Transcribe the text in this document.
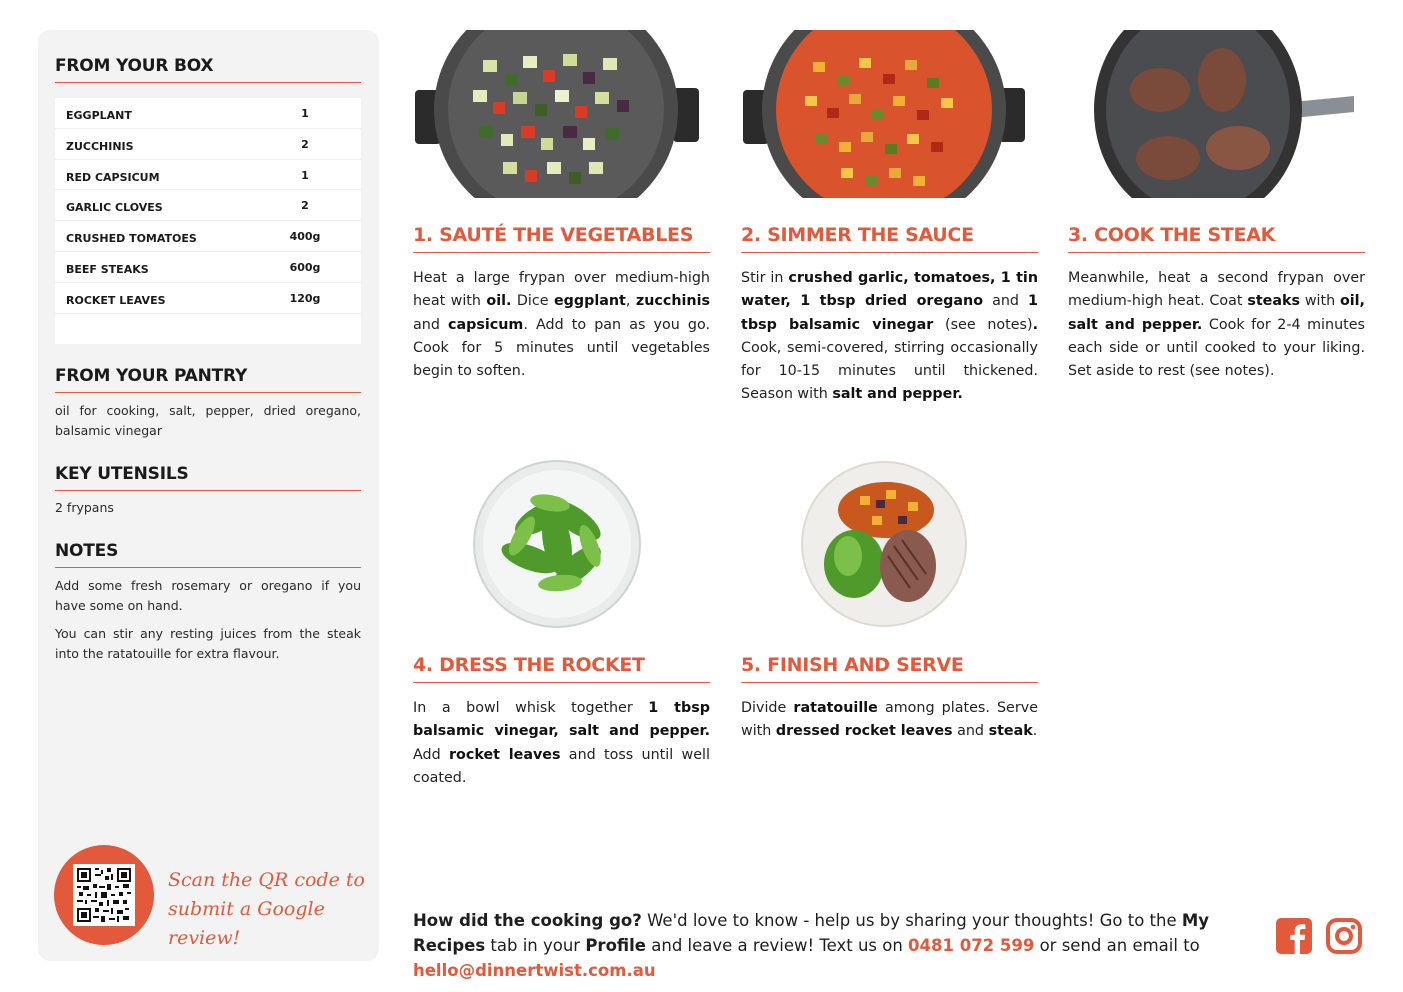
FROM YOUR BOX
EGGPLANT	1
ZUCCHINIS	2
RED CAPSICUM	1
GARLIC CLOVES	2
CRUSHED TOMATOES	400g
BEEF STEAKS	600g
ROCKET LEAVES	120g
FROM YOUR PANTRY
oil for cooking, salt, pepper, dried oregano, balsamic vinegar
KEY UTENSILS
2 frypans
NOTES

Add some fresh rosemary or oregano if you have some on hand.

You can stir any resting juices from the steak into the ratatouille for extra flavour.

Scan the QR code to
submit a Google review!
1. SAUTÉ THE VEGETABLES
Heat a large frypan over medium-high heat with oil. Dice eggplant, zucchinis and capsicum. Add to pan as you go. Cook for 5 minutes until vegetables begin to soften.
2. SIMMER THE SAUCE
Stir in crushed garlic, tomatoes, 1 tin water, 1 tbsp dried oregano and 1 tbsp balsamic vinegar (see notes). Cook, semi-covered, stirring occasionally for 10-15 minutes until thickened. Season with salt and pepper.
3. COOK THE STEAK
Meanwhile, heat a second frypan over medium-high heat. Coat steaks with oil, salt and pepper. Cook for 2-4 minutes each side or until cooked to your liking. Set aside to rest (see notes).
4. DRESS THE ROCKET
In a bowl whisk together 1 tbsp balsamic vinegar, salt and pepper. Add rocket leaves and toss until well coated.
5. FINISH AND SERVE
Divide ratatouille among plates. Serve with dressed rocket leaves and steak.
How did the cooking go? We'd love to know - help us by sharing your thoughts! Go to the My Recipes tab in your Profile and leave a review! Text us on 0481 072 599 or send an email to hello@dinnertwist.com.au
